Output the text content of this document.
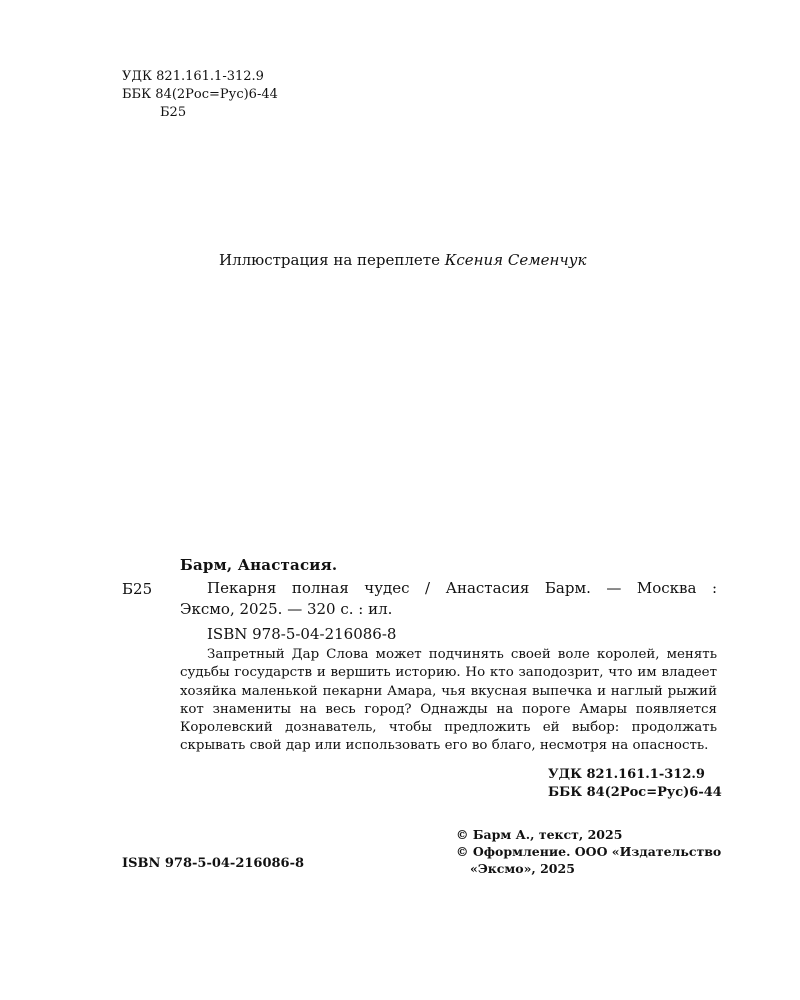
УДК 821.161.1-312.9
ББК 84(2Рос=Рус)6-44
Б25
Иллюстрация на переплете Ксения Семенчук
Барм, Анастасия.
Б25	Пекарня полная чудес / Анастасия Барм. — Москва :
Эксмо, 2025. — 320 с. : ил.
ISBN 978-5-04-216086-8

Запретный Дар Слова может подчинять своей воле королей, менять судьбы государств и вершить историю. Но кто заподозрит, что им владеет хозяйка маленькой пекарни Амара, чья вкусная выпечка и наглый рыжий кот знамениты на весь город? Однажды на пороге Амары появляется Королевский дознаватель, чтобы предложить ей выбор: продолжать скрывать свой дар или использовать его во благо, несмотря на опасность.

УДК 821.161.1-312.9
ББК 84(2Рос=Рус)6-44
ISBN 978-5-04-216086-8
© Барм А., текст, 2025
© Оформление. ООО «Издательство
«Эксмо», 2025
